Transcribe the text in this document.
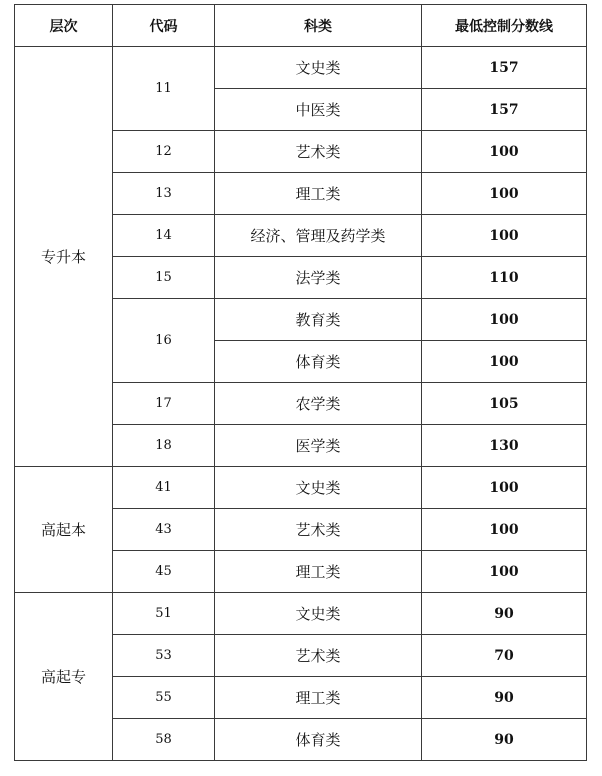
层次	代码	科类	最低控制分数线
专升本	11	文史类	157
		中医类	157
	12	艺术类	100
	13	理工类	100
	14	经济、管理及药学类	100
	15	法学类	110
	16	教育类	100
		体育类	100
	17	农学类	105
	18	医学类	130
高起本	41	文史类	100
	43	艺术类	100
	45	理工类	100
高起专	51	文史类	90
	53	艺术类	70
	55	理工类	90
	58	体育类	90
